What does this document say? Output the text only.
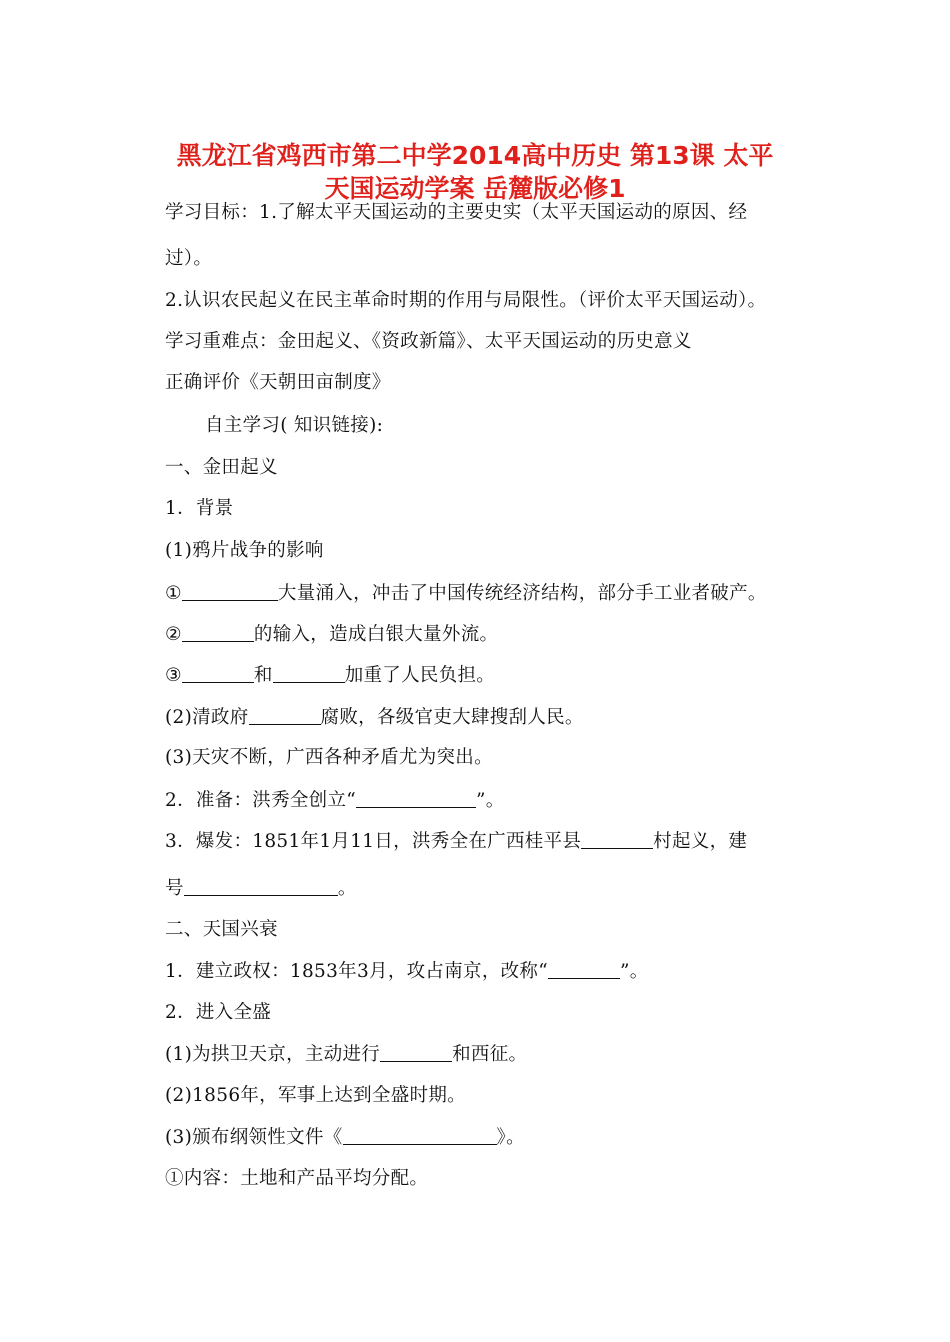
黑龙江省鸡西市第二中学2014高中历史 第13课 太平
天国运动学案 岳麓版必修1
学习目标：1.了解太平天国运动的主要史实（太平天国运动的原因、经
过）。
2.认识农民起义在民主革命时期的作用与局限性。（评价太平天国运动）。
学习重难点：金田起义、《资政新篇》、太平天国运动的历史意义
正确评价《天朝田亩制度》
自主学习( 知识链接):
一、金田起义
1．背景
(1)鸦片战争的影响
①	大量涌入，冲击了中国传统经济结构，部分手工业者破产。
②	的输入，造成白银大量外流。
③	和	加重了人民负担。
(2)清政府	腐败，各级官吏大肆搜刮人民。
(3)天灾不断，广西各种矛盾尤为突出。
2．准备：洪秀全创立“	”。
3．爆发：1851年1月11日，洪秀全在广西桂平县	村起义，建
号	。
二、天国兴衰
1．建立政权：1853年3月，攻占南京，改称“	”。
2．进入全盛
(1)为拱卫天京，主动进行	和西征。
(2)1856年，军事上达到全盛时期。
(3)颁布纲领性文件《	》。
①内容：土地和产品平均分配。
